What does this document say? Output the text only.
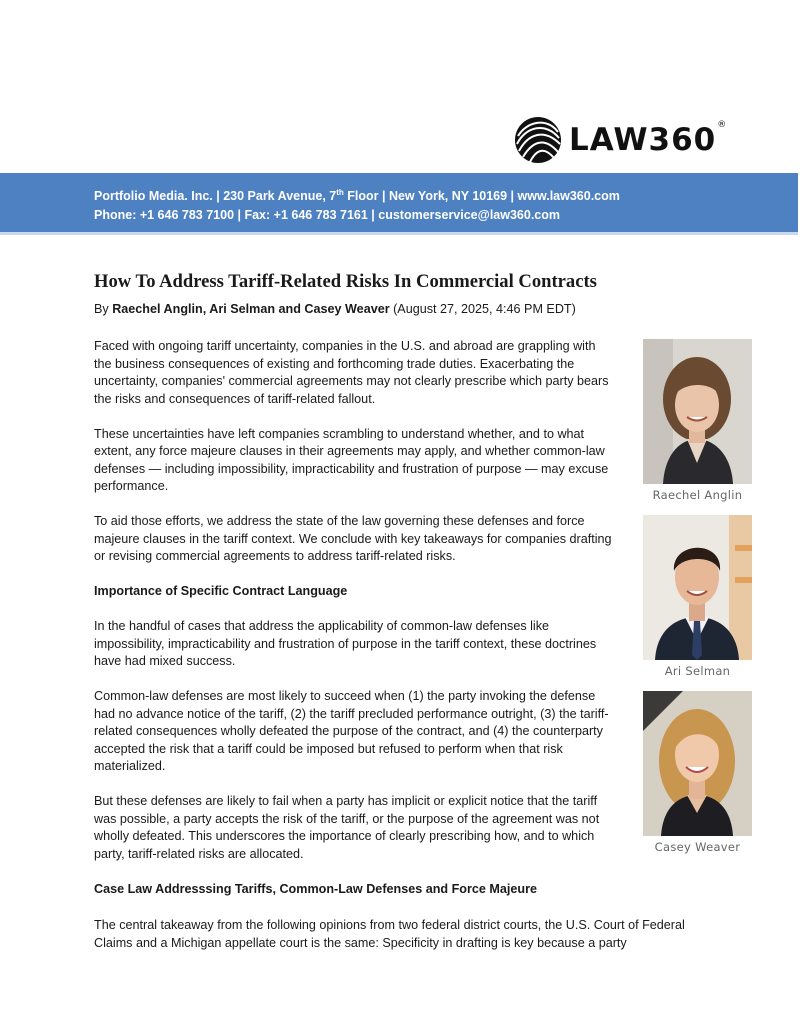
LAW360®
Portfolio Media. Inc. | 230 Park Avenue, 7th Floor | New York, NY 10169 | www.law360.com
Phone: +1 646 783 7100 | Fax: +1 646 783 7161 | customerservice@law360.com
How To Address Tariff-Related Risks In Commercial Contracts
By Raechel Anglin, Ari Selman and Casey Weaver (August 27, 2025, 4:46 PM EDT)

Faced with ongoing tariff uncertainty, companies in the U.S. and abroad are grappling with the business consequences of existing and forthcoming trade duties. Exacerbating the uncertainty, companies' commercial agreements may not clearly prescribe which party bears the risks and consequences of tariff-related fallout.

These uncertainties have left companies scrambling to understand whether, and to what extent, any force majeure clauses in their agreements may apply, and whether common-law defenses — including impossibility, impracticability and frustration of purpose — may excuse performance.

To aid those efforts, we address the state of the law governing these defenses and force majeure clauses in the tariff context. We conclude with key takeaways for companies drafting or revising commercial agreements to address tariff-related risks.

Importance of Specific Contract Language

In the handful of cases that address the applicability of common-law defenses like impossibility, impracticability and frustration of purpose in the tariff context, these doctrines have had mixed success.

Common-law defenses are most likely to succeed when (1) the party invoking the defense had no advance notice of the tariff, (2) the tariff precluded performance outright, (3) the tariff-related consequences wholly defeated the purpose of the contract, and (4) the counterparty accepted the risk that a tariff could be imposed but refused to perform when that risk materialized.

But these defenses are likely to fail when a party has implicit or explicit notice that the tariff was possible, a party accepts the risk of the tariff, or the purpose of the agreement was not wholly defeated. This underscores the importance of clearly prescribing how, and to which party, tariff-related risks are allocated.

Case Law Addresssing Tariffs, Common-Law Defenses and Force Majeure

The central takeaway from the following opinions from two federal district courts, the U.S. Court of Federal Claims and a Michigan appellate court is the same: Specificity in drafting is key because a party

Raechel Anglin
Ari Selman
Casey Weaver
